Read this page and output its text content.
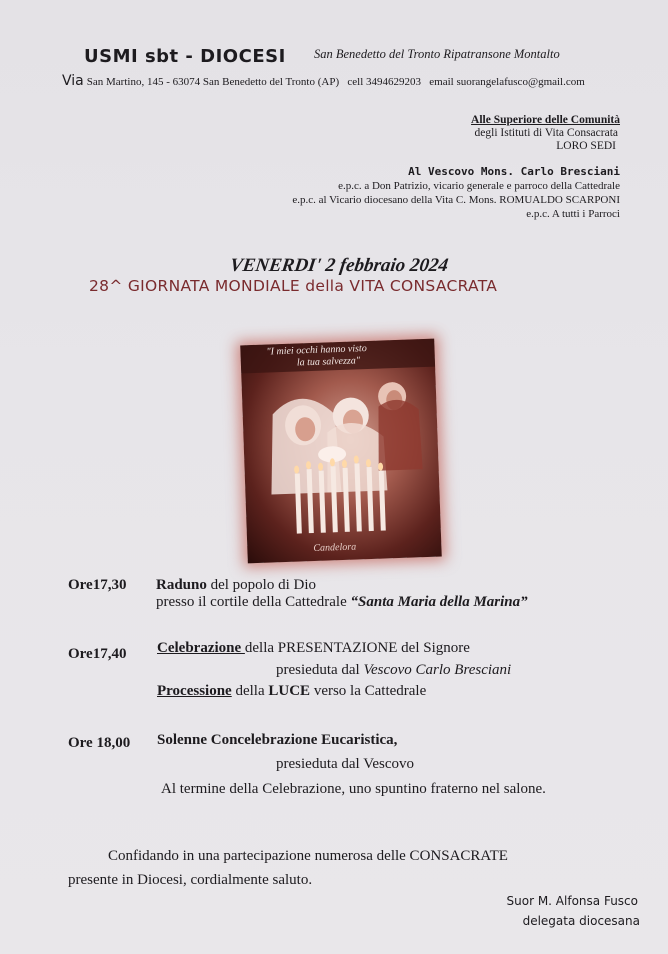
USMI sbt - DIOCESI San Benedetto del Tronto Ripatransone Montalto
Via San Martino, 145 - 63074 San Benedetto del Tronto (AP) cell 3494629203 email suorangelafusco@gmail.com
Alle Superiore delle Comunità
degli Istituti di Vita Consacrata
LORO SEDI
Al Vescovo Mons. Carlo Bresciani
e.p.c. a Don Patrizio, vicario generale e parroco della Cattedrale
e.p.c. al Vicario diocesano della Vita C. Mons. ROMUALDO SCARPONI
e.p.c. A tutti i Parroci
VENERDI' 2 febbraio 2024
28^ GIORNATA MONDIALE della VITA CONSACRATA
"I miei occhi hanno visto
la tua salvezza"
Candelora
Ore17,30 Raduno del popolo di Dio
presso il cortile della Cattedrale “Santa Maria della Marina”
Ore17,40 Celebrazione della PRESENTAZIONE del Signore
presieduta dal Vescovo Carlo Bresciani
Processione della LUCE verso la Cattedrale
Ore 18,00 Solenne Concelebrazione Eucaristica,
presieduta dal Vescovo
Al termine della Celebrazione, uno spuntino fraterno nel salone.
Confidando in una partecipazione numerosa delle CONSACRATE
presente in Diocesi, cordialmente saluto.
Suor M. Alfonsa Fusco
delegata diocesana
